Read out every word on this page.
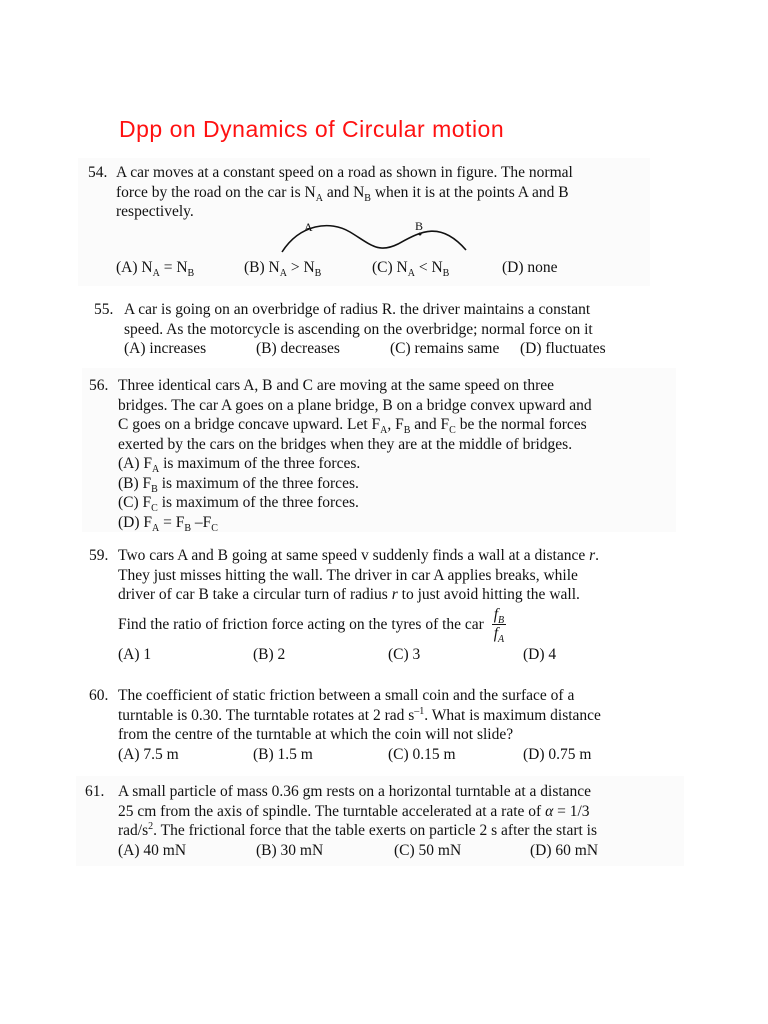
Dpp on Dynamics of Circular motion
54. A car moves at a constant speed on a road as shown in figure. The normal
force by the road on the car is $N_A$ and $N_B$ when it is at the points A and B
respectively.
A	B
(A) $N_A = N_B$	(B) $N_A > N_B$	(C) $N_A < N_B$	(D) none
55. A car is going on an overbridge of radius R. the driver maintains a constant
speed. As the motorcycle is ascending on the overbridge; normal force on it
(A) increases	(B) decreases	(C) remains same (D) fluctuates
56. Three identical cars A, B and C are moving at the same speed on three
bridges. The car A goes on a plane bridge, B on a bridge convex upward and
C goes on a bridge concave upward. Let $F_A$, $F_B$ and $F_C$ be the normal forces
exerted by the cars on the bridges when they are at the middle of bridges.
(A) $F_A$ is maximum of the three forces.
(B) $F_B$ is maximum of the three forces.
(C) $F_C$ is maximum of the three forces.
(D) $F_A = F_B$ $-F_C$
59. Two cars A and B going at same speed v suddenly finds a wall at a distance r.
They just misses hitting the wall. The driver in car A applies breaks, while
driver of car B take a circular turn of radius r to just avoid hitting the wall.
Find the ratio of friction force acting on the tyres of the car $\frac{f_B}{f_A}$
(A) 1	(B) 2	(C) 3	(D) 4
60. The coefficient of static friction between a small coin and the surface of a
turntable is 0.30. The turntable rotates at 2 rad $s^{-1}$. What is maximum distance
from the centre of the turntable at which the coin will not slide?
(A) 7.5 m	(B) 1.5 m	(C) 0.15 m	(D) 0.75 m
61. A small particle of mass 0.36 gm rests on a horizontal turntable at a distance
25 cm from the axis of spindle. The turntable accelerated at a rate of α = 1/3
rad/$s^2$. The frictional force that the table exerts on particle 2 s after the start is
(A) 40 mN	(B) 30 mN	(C) 50 mN	(D) 60 mN
